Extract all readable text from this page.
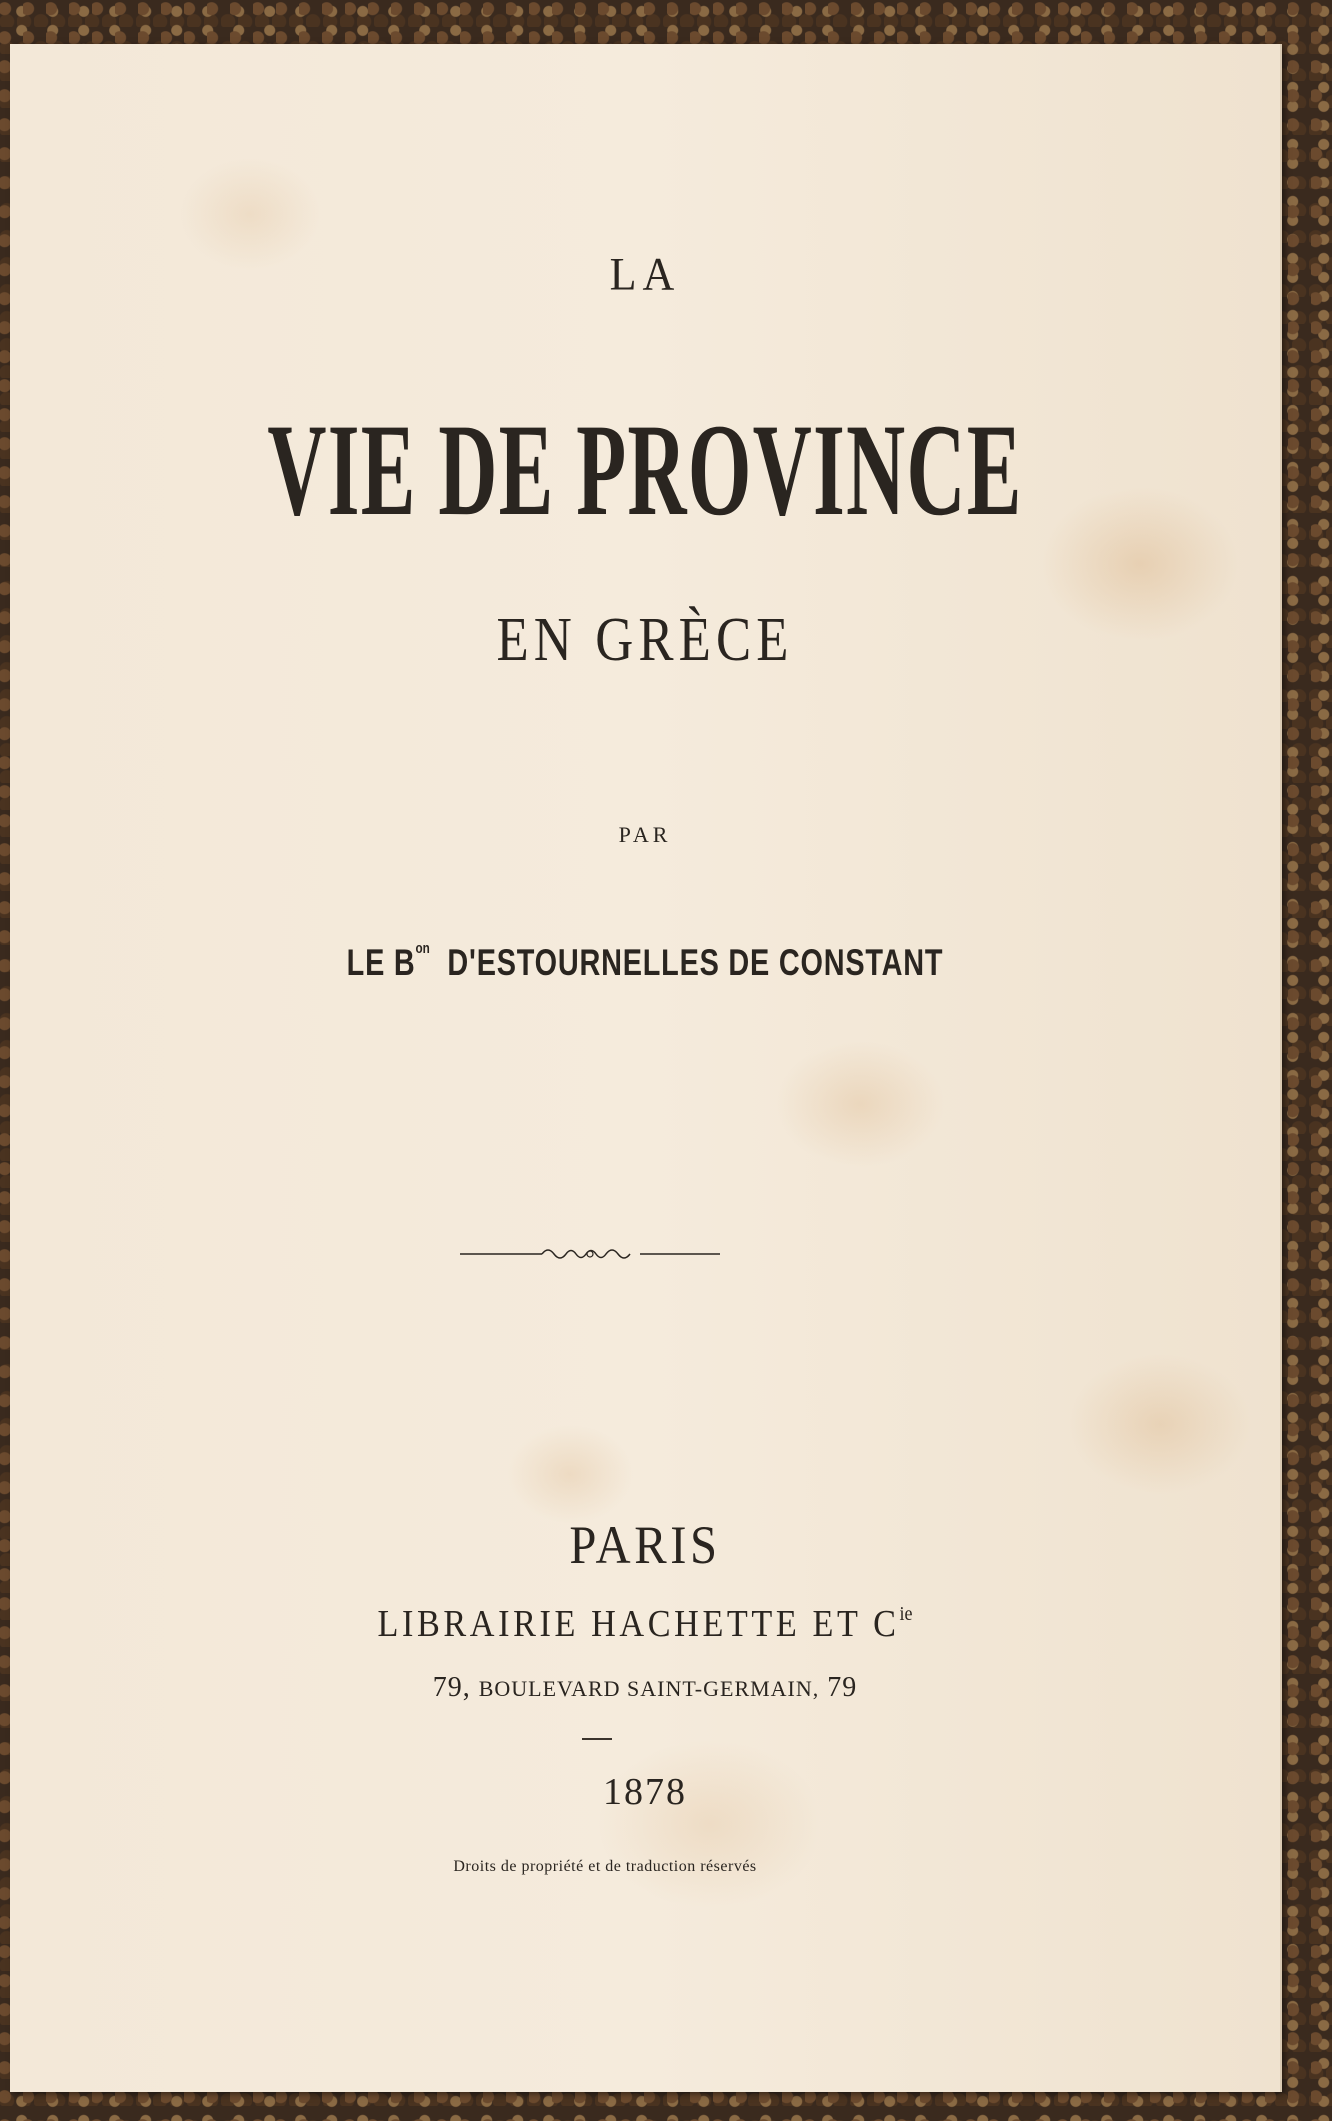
LA

VIE DE PROVINCE

EN GRÈCE

PAR

LE $B^{on}$ D'ESTOURNELLES DE CONSTANT

PARIS

LIBRAIRIE HACHETTE ET $C^{ie}$

79, BOULEVARD SAINT-GERMAIN, 79

1878

Droits de propriété et de traduction réservés
